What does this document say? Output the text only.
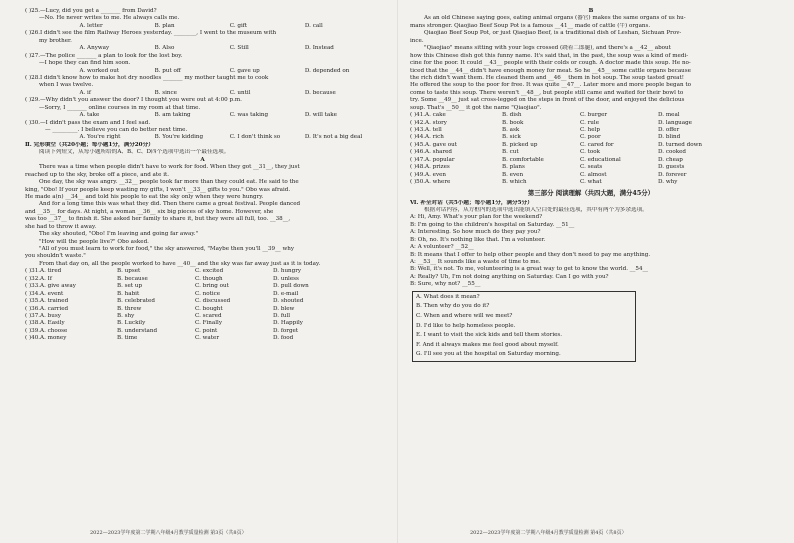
( )25.—Lucy, did you get a _______ from David?
—No. He never writes to me. He always calls me.
A. letter	B. plan	C. gift	D. call
( )26.I didn't see the film Railway Heroes yesterday. ________, I went to the museum with
my brother.
A. Anyway	B. Also	C. Still	D. Instead
( )27.—The police _______ a plan to look for the lost boy.
—I hope they can find him soon.
A. worked out	B. put off	C. gave up	D. depended on
( )28.I didn't know how to make hot dry noodles _______ my mother taught me to cook
when I was twelve.
A. if	B. since	C. until	D. because
( )29.—Why didn't you answer the door? I thought you were out at 4:00 p.m.
—Sorry, I _______ online courses in my room at that time.
A. take	B. am taking	C. was taking	D. will take
( )30.—I didn't pass the exam and I feel sad.
— _________. I believe you can do better next time.
A. You're right	B. You're kidding	C. I don't think so	D. It's not a big deal
Ⅱ. 完形填空（共20小题；每小题1分，满分20分）
阅读下列短文，从每小题所给的A、B、C、D四个选项中选出一个最佳选项。
A
There was a time when people didn't have to work for food. When they got __31__, they just
reached up to the sky, broke off a piece, and ate it.
One day, the sky was angry. __32__ people took far more than they could eat. He said to the
king, "Obo! If your people keep wasting my gifts, I won't __33__ gifts to you." Obo was afraid.
He made a(n) __34__ and told his people to eat the sky only when they were hungry.
And for a long time this was what they did. Then there came a great festival. People danced
and __35__ for days. At night, a woman __36__ six big pieces of sky home. However, she
was too __37__ to finish it. She asked her family to share it, but they were all full, too. __38__,
she had to throw it away.
The sky shouted, "Obo! I'm leaving and going far away."
"How will the people live?" Obo asked.
"All of you must learn to work for food," the sky answered, "Maybe then you'll __39__ why
you shouldn't waste."
From that day on, all the people worked to have __40__ and the sky was far away just as it is today.
( )31.A. tired	B. upset	C. excited	D. hungry
( )32.A. If	B. because	C. though	D. unless
( )33.A. give away	B. set up	C. bring out	D. pull down
( )34.A. event	B. habit	C. notice	D. e-mail
( )35.A. trained	B. celebrated	C. discussed	D. shouted
( )36.A. carried	B. threw	C. bought	D. blew
( )37.A. busy	B. shy	C. scared	D. full
( )38.A. Easily	B. Luckily	C. Finally	D. Happily
( )39.A. choose	B. understand	C. point	D. forget
( )40.A. money	B. time	C. water	D. food
B
As an old Chinese saying goes, eating animal organs (器官) makes the same organs of us hu-
mans stronger. Qiaojiao Beef Soup Pot is a famous __41__ made of cattle (牛) organs.
Qiaojiao Beef Soup Pot, or just Qiaojiao Beef, is a traditional dish of Leshan, Sichuan Prov-
ince.
"Qiaojiao" means sitting with your legs crossed (跷着二郎腿), and there's a __42__ about
how this Chinese dish got this funny name. It's said that, in the past, the soup was a kind of medi-
cine for the poor. It could __43__ people with their colds or cough. A doctor made this soup. He no-
ticed that the __44__ didn't have enough money for meat. So he __45__ some cattle organs because
the rich didn't want them. He cleaned them and __46__ them in hot soup. The soup tasted great!
He offered the soup to the poor for free. It was quite __47__. Later more and more people began to
come to taste this soup. There weren't __48__, but people still came and waited for their bowl to
try. Some __49__ just sat cross-legged on the steps in front of the door, and enjoyed the delicious
soup. That's __50__ it got the name "Qiaojiao".
( )41.A. cake	B. dish	C. burger	D. meal
( )42.A. story	B. book	C. rule	D. language
( )43.A. tell	B. ask	C. help	D. offer
( )44.A. rich	B. sick	C. poor	D. blind
( )45.A. gave out	B. picked up	C. cared for	D. turned down
( )46.A. shared	B. cut	C. took	D. cooked
( )47.A. popular	B. comfortable	C. educational	D. cheap
( )48.A. prizes	B. plans	C. seats	D. guests
( )49.A. even	B. even	C. almost	D. forever
( )50.A. where	B. which	C. what	D. why
第三部分 阅读理解（共四大题，满分45分）
Ⅵ. 补全对话（共5小题；每小题1分，满分5分）
根据对话内容，从方框内的选项中选出能填入空白处的最佳选项，其中有两个为多余选项。
A: Hi, Amy. What's your plan for the weekend?
B: I'm going to the children's hospital on Saturday. __51__
A: Interesting. So how much do they pay you?
B: Oh, no. It's nothing like that. I'm a volunteer.
A: A volunteer? __52__
B: It means that I offer to help other people and they don't need to pay me anything.
A: __53__ It sounds like a waste of time to me.
B: Well, it's not. To me, volunteering is a great way to get to know the world. __54__
A: Really? Uh, I'm not doing anything on Saturday. Can I go with you?
B: Sure, why not? __55__
A. What does it mean?
B. Then why do you do it?
C. When and where will we meet?
D. I'd like to help homeless people.
E. I want to visit the sick kids and tell them stories.
F. And it always makes me feel good about myself.
G. I'll see you at the hospital on Saturday morning.
2022—2023学年度第二学期八年级4月教学质量检测 第3页（共8页）	2022—2023学年度第二学期八年级4月教学质量检测 第4页（共8页）
